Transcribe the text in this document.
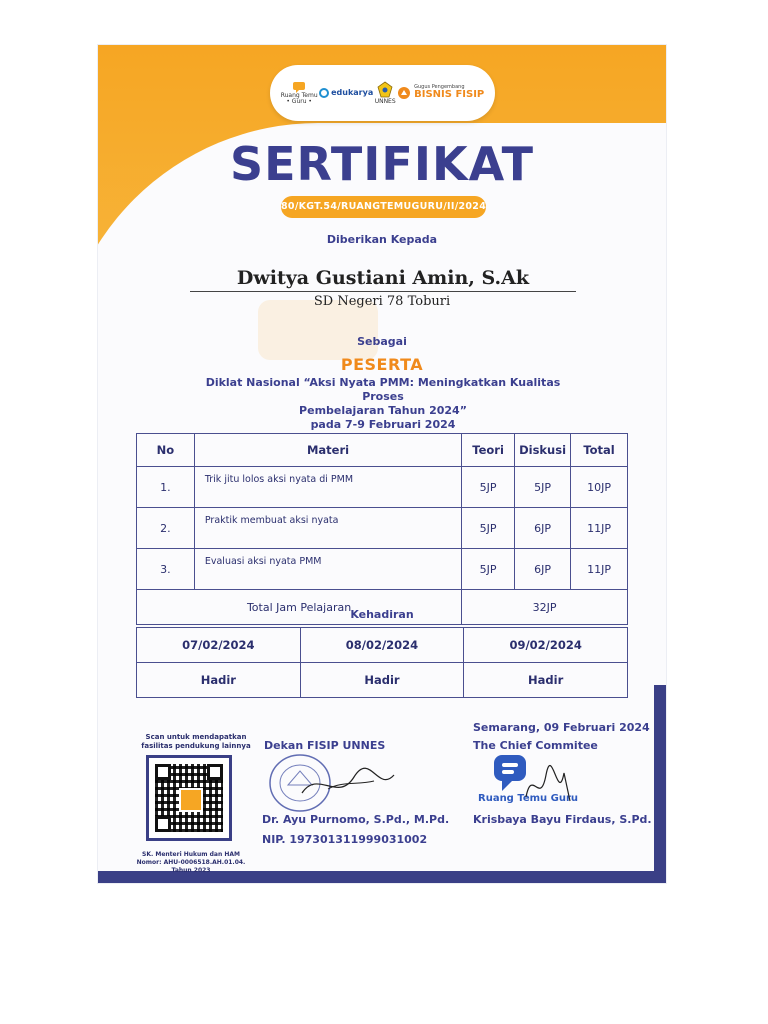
Ruang Temu
• Guru •
edukarya
UNNES
Gugus Pengembang
BISNIS FISIP
SERTIFIKAT
80/KGT.54/RUANGTEMUGURU/II/2024
Diberikan Kepada
Dwitya Gustiani Amin, S.Ak
SD Negeri 78 Toburi
Sebagai
PESERTA
Diklat Nasional “Aksi Nyata PMM: Meningkatkan Kualitas Proses
Pembelajaran Tahun 2024”
pada 7-9 Februari 2024
No	Materi	Teori	Diskusi	Total
1.	Trik jitu lolos aksi nyata di PMM	5JP	5JP	10JP
2.	Praktik membuat aksi nyata	5JP	6JP	11JP
3.	Evaluasi aksi nyata PMM	5JP	6JP	11JP
Total Jam Pelajaran		32JP		
Kehadiran
07/02/2024	08/02/2024	09/02/2024
Hadir	Hadir	Hadir
Scan untuk mendapatkan fasilitas pendukung lainnya
SK. Menteri Hukum dan HAM Nomor: AHU-0006518.AH.01.04. Tahun 2023
Dekan FISIP UNNES
Dr. Ayu Purnomo, S.Pd., M.Pd.
NIP. 197301311999031002
Semarang, 09 Februari 2024
The Chief Commitee
Ruang Temu Guru
Krisbaya Bayu Firdaus, S.Pd.
